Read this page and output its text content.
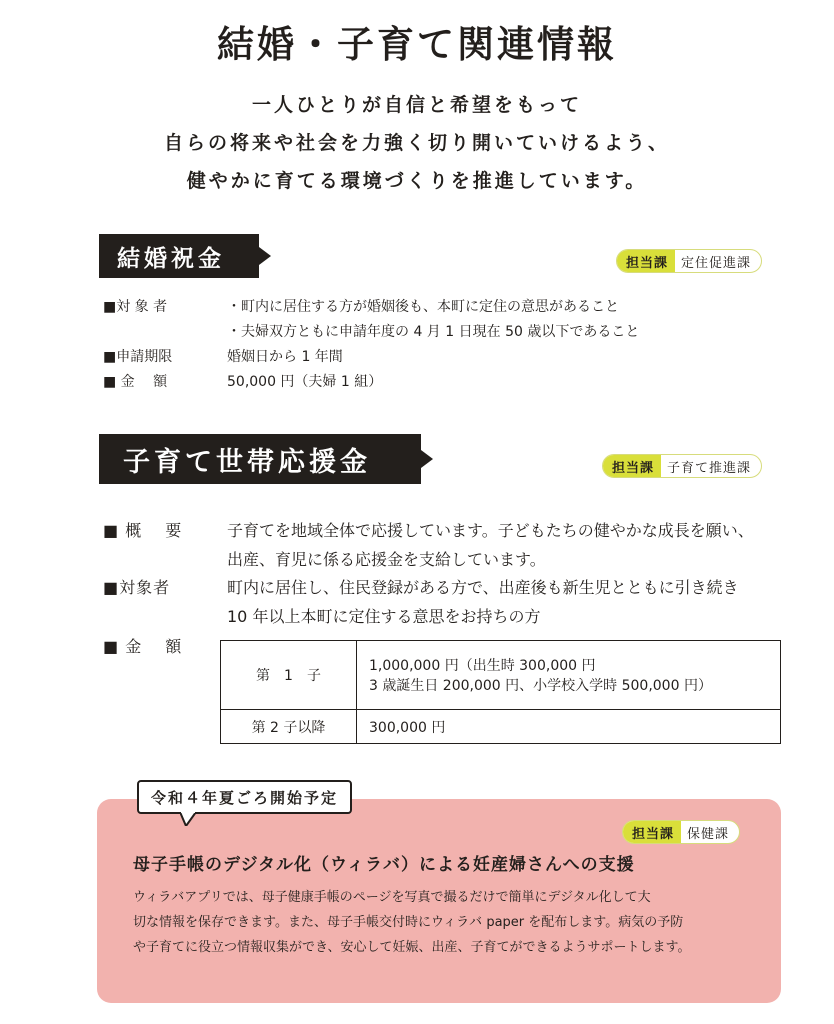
結婚・子育て関連情報
一人ひとりが自信と希望をもって
自らの将来や社会を力強く切り開いていけるよう、
健やかに育てる環境づくりを推進しています。
結婚祝金	担当課	定住促進課
■対 象 者	・町内に居住する方が婚姻後も、本町に定住の意思があること
・夫婦双方ともに申請年度の 4 月 1 日現在 50 歳以下であること
■申請期限	婚姻日から 1 年間
■ 金　 額	50,000 円（夫婦 1 組）
子育て世帯応援金	担当課	子育て推進課
■ 概　 要	子育てを地域全体で応援しています。子どもたちの健やかな成長を願い、
出産、育児に係る応援金を支給しています。
■対象者	町内に居住し、住民登録がある方で、出産後も新生児とともに引き続き
10 年以上本町に定住する意思をお持ちの方
■ 金　 額
第　1　子	1,000,000 円（出生時 300,000 円
3 歳誕生日 200,000 円、小学校入学時 500,000 円）

第 2 子以降	300,000 円
令和４年夏ごろ開始予定
担当課	保健課
母子手帳のデジタル化（ウィラバ）による妊産婦さんへの支援
ウィラバアプリでは、母子健康手帳のページを写真で撮るだけで簡単にデジタル化して大
切な情報を保存できます。また、母子手帳交付時にウィラバ paper を配布します。病気の予防
や子育てに役立つ情報収集ができ、安心して妊娠、出産、子育てができるようサポートします。
